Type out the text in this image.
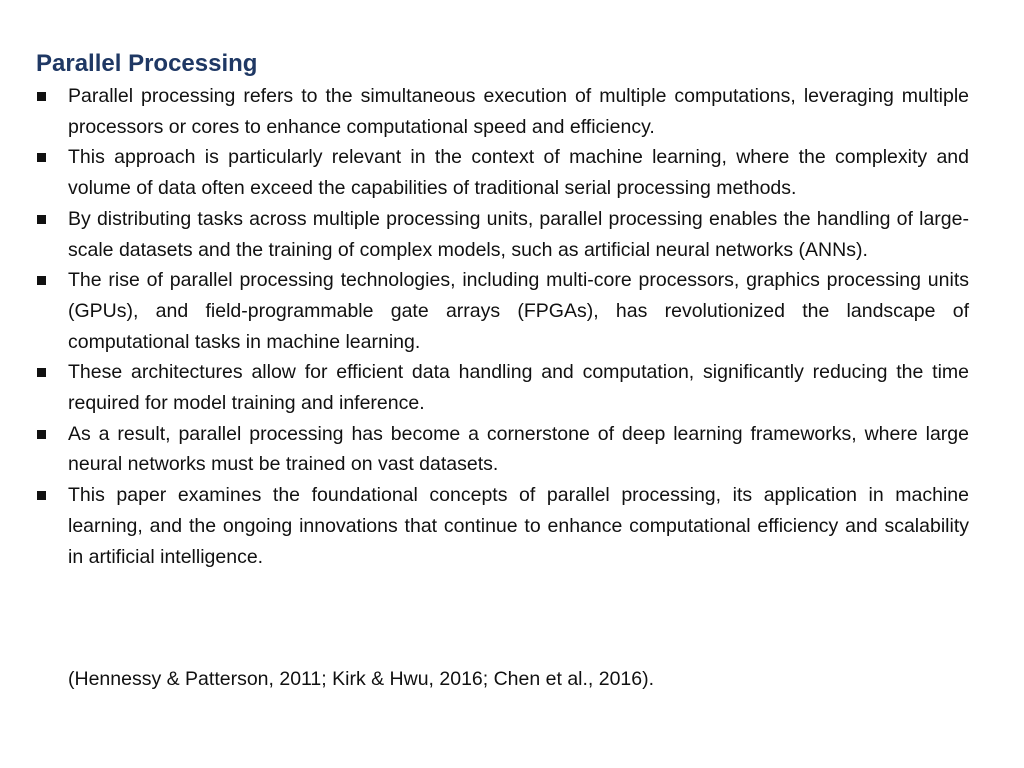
Parallel Processing
Parallel processing refers to the simultaneous execution of multiple computations, leveraging multiple processors or cores to enhance computational speed and efficiency.
This approach is particularly relevant in the context of machine learning, where the complexity and volume of data often exceed the capabilities of traditional serial processing methods.
By distributing tasks across multiple processing units, parallel processing enables the handling of large-scale datasets and the training of complex models, such as artificial neural networks (ANNs).
The rise of parallel processing technologies, including multi-core processors, graphics processing units (GPUs), and field-programmable gate arrays (FPGAs), has revolutionized the landscape of computational tasks in machine learning.
These architectures allow for efficient data handling and computation, significantly reducing the time required for model training and inference.
As a result, parallel processing has become a cornerstone of deep learning frameworks, where large neural networks must be trained on vast datasets.
This paper examines the foundational concepts of parallel processing, its application in machine learning, and the ongoing innovations that continue to enhance computational efficiency and scalability in artificial intelligence.

(Hennessy & Patterson, 2011; Kirk & Hwu, 2016; Chen et al., 2016).
